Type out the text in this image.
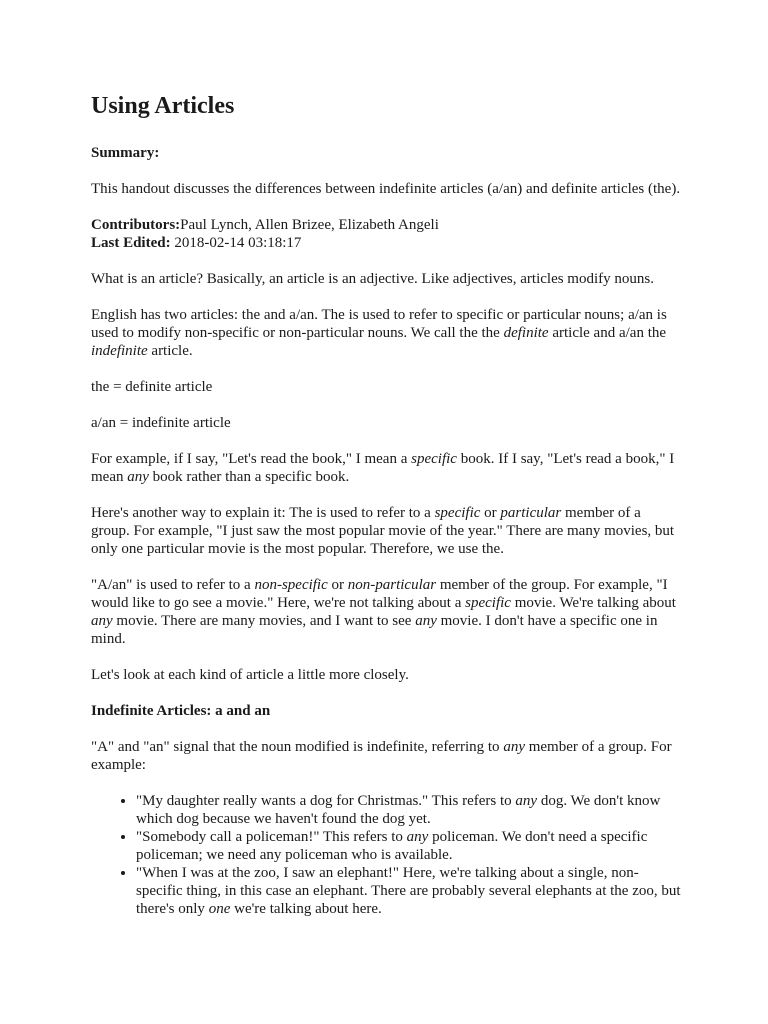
Using Articles

Summary:

This handout discusses the differences between indefinite articles (a/an) and definite articles (the).

Contributors:Paul Lynch, Allen Brizee, Elizabeth Angeli
Last Edited: 2018-02-14 03:18:17

What is an article? Basically, an article is an adjective. Like adjectives, articles modify nouns.

English has two articles: the and a/an. The is used to refer to specific or particular nouns; a/an is used to modify non-specific or non-particular nouns. We call the the definite article and a/an the indefinite article.

the = definite article

a/an = indefinite article

For example, if I say, "Let's read the book," I mean a specific book. If I say, "Let's read a book," I mean any book rather than a specific book.

Here's another way to explain it: The is used to refer to a specific or particular member of a group. For example, "I just saw the most popular movie of the year." There are many movies, but only one particular movie is the most popular. Therefore, we use the.

"A/an" is used to refer to a non-specific or non-particular member of the group. For example, "I would like to go see a movie." Here, we're not talking about a specific movie. We're talking about any movie. There are many movies, and I want to see any movie. I don't have a specific one in mind.

Let's look at each kind of article a little more closely.

Indefinite Articles: a and an

"A" and "an" signal that the noun modified is indefinite, referring to any member of a group. For example:

• "My daughter really wants a dog for Christmas." This refers to any dog. We don't know which dog because we haven't found the dog yet.
• "Somebody call a policeman!" This refers to any policeman. We don't need a specific policeman; we need any policeman who is available.
• "When I was at the zoo, I saw an elephant!" Here, we're talking about a single, non-specific thing, in this case an elephant. There are probably several elephants at the zoo, but there's only one we're talking about here.
